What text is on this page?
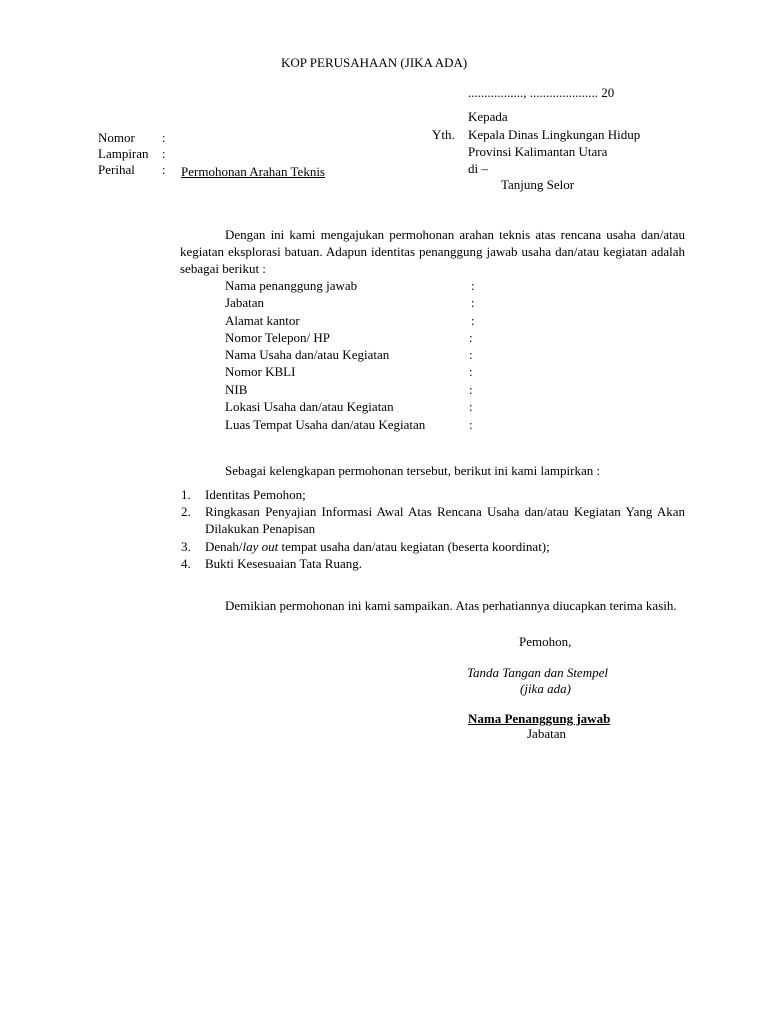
KOP PERUSAHAAN (JIKA ADA)
................., ..................... 20
Kepada
Yth. Kepala Dinas Lingkungan Hidup
Provinsi Kalimantan Utara
di –
Tanjung Selor
Nomor :
Lampiran :
Perihal : Permohonan Arahan Teknis
Dengan ini kami mengajukan permohonan arahan teknis atas rencana usaha dan/atau kegiatan eksplorasi batuan. Adapun identitas penanggung jawab usaha dan/atau kegiatan adalah sebagai berikut :
Nama penanggung jawab	:
Jabatan	:
Alamat kantor	:
Nomor Telepon/ HP	:
Nama Usaha dan/atau Kegiatan	:
Nomor KBLI	:
NIB	:
Lokasi Usaha dan/atau Kegiatan	:
Luas Tempat Usaha dan/atau Kegiatan	:
Sebagai kelengkapan permohonan tersebut, berikut ini kami lampirkan :
1. Identitas Pemohon;
2. Ringkasan Penyajian Informasi Awal Atas Rencana Usaha dan/atau Kegiatan Yang Akan Dilakukan Penapisan
3. Denah/lay out tempat usaha dan/atau kegiatan (beserta koordinat);
4. Bukti Kesesuaian Tata Ruang.
Demikian permohonan ini kami sampaikan. Atas perhatiannya diucapkan terima kasih.
Pemohon,
Tanda Tangan dan Stempel
(jika ada)
Nama Penanggung jawab
Jabatan
